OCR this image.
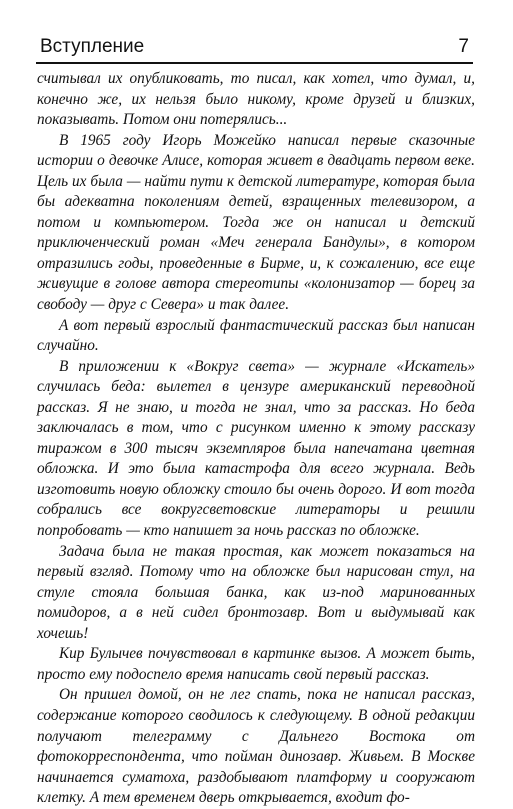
Вступление	7

считывал их опубликовать, то писал, как хотел, что думал, и, конечно же, их нельзя было никому, кроме друзей и близких, показывать. Потом они потерялись...

В 1965 году Игорь Можейко написал первые сказочные истории о девочке Алисе, которая живет в двадцать первом веке. Цель их была — найти пути к детской литературе, которая была бы адекватна поколениям детей, взращенных телевизором, а потом и компьютером. Тогда же он написал и детский приключенческий роман «Меч генерала Бандулы», в котором отразились годы, проведенные в Бирме, и, к сожалению, все еще живущие в голове автора стереотипы «колонизатор — борец за свободу — друг с Севера» и так далее.

А вот первый взрослый фантастический рассказ был написан случайно.

В приложении к «Вокруг света» — журнале «Искатель» случилась беда: вылетел в цензуре американский переводной рассказ. Я не знаю, и тогда не знал, что за рассказ. Но беда заключалась в том, что с рисунком именно к этому рассказу тиражом в 300 тысяч экземпляров была напечатана цветная обложка. И это была катастрофа для всего журнала. Ведь изготовить новую обложку стоило бы очень дорого. И вот тогда собрались все вокругсветовские литераторы и решили попробовать — кто напишет за ночь рассказ по обложке.

Задача была не такая простая, как может показаться на первый взгляд. Потому что на обложке был нарисован стул, на стуле стояла большая банка, как из-под маринованных помидоров, а в ней сидел бронтозавр. Вот и выдумывай как хочешь!

Кир Булычев почувствовал в картинке вызов. А может быть, просто ему подоспело время написать свой первый рассказ.

Он пришел домой, он не лег спать, пока не написал рассказ, содержание которого сводилось к следующему. В одной редакции получают телеграмму с Дальнего Востока от фотокорреспондента, что пойман динозавр. Живьем. В Москве начинается суматоха, раздобывают платформу и сооружают клетку. А тем временем дверь открывается, входит фо-
